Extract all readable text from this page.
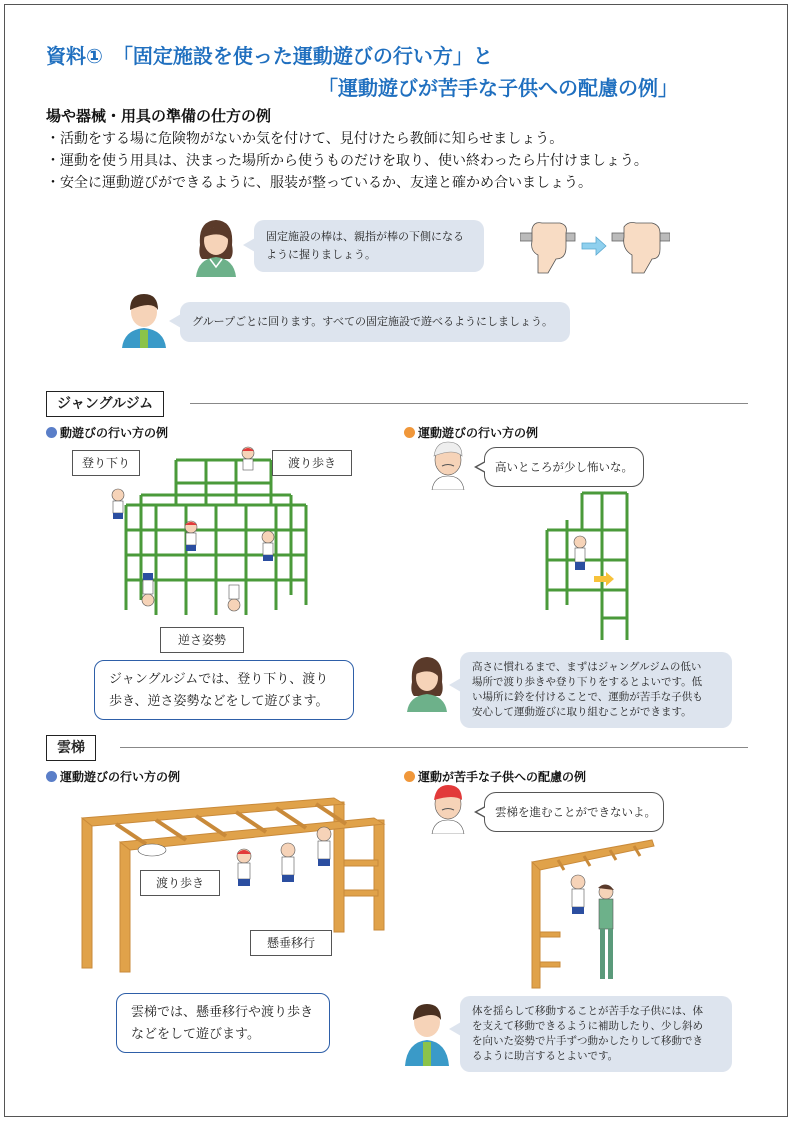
資料①　「固定施設を使った運動遊びの行い方」と
「運動遊びが苦手な子供への配慮の例」
場や器械・用具の準備の仕方の例
・活動をする場に危険物がないか気を付けて、見付けたら教師に知らせましょう。
・運動を使う用具は、決まった場所から使うものだけを取り、使い終わったら片付けましょう。
・安全に運動遊びができるように、服装が整っているか、友達と確かめ合いましょう。
固定施設の棒は、親指が棒の下側になる
ように握りましょう。
グループごとに回ります。すべての固定施設で遊べるようにしましょう。
ジャングルジム
動遊びの行い方の例	運動遊びの行い方の例
登り下り	渡り歩き
逆さ姿勢
ジャングルジムでは、登り下り、渡り
歩き、逆さ姿勢などをして遊びます。
高いところが少し怖いな。
高さに慣れるまで、まずはジャングルジムの低い
場所で渡り歩きや登り下りをするとよいです。低
い場所に鈴を付けることで、運動が苦手な子供も
安心して運動遊びに取り組むことができます。
雲梯
運動遊びの行い方の例	運動が苦手な子供への配慮の例
渡り歩き
懸垂移行
雲梯では、懸垂移行や渡り歩き
などをして遊びます。
雲梯を進むことができないよ。
体を揺らして移動することが苦手な子供には、体
を支えて移動できるように補助したり、少し斜め
を向いた姿勢で片手ずつ動かしたりして移動でき
るように助言するとよいです。
